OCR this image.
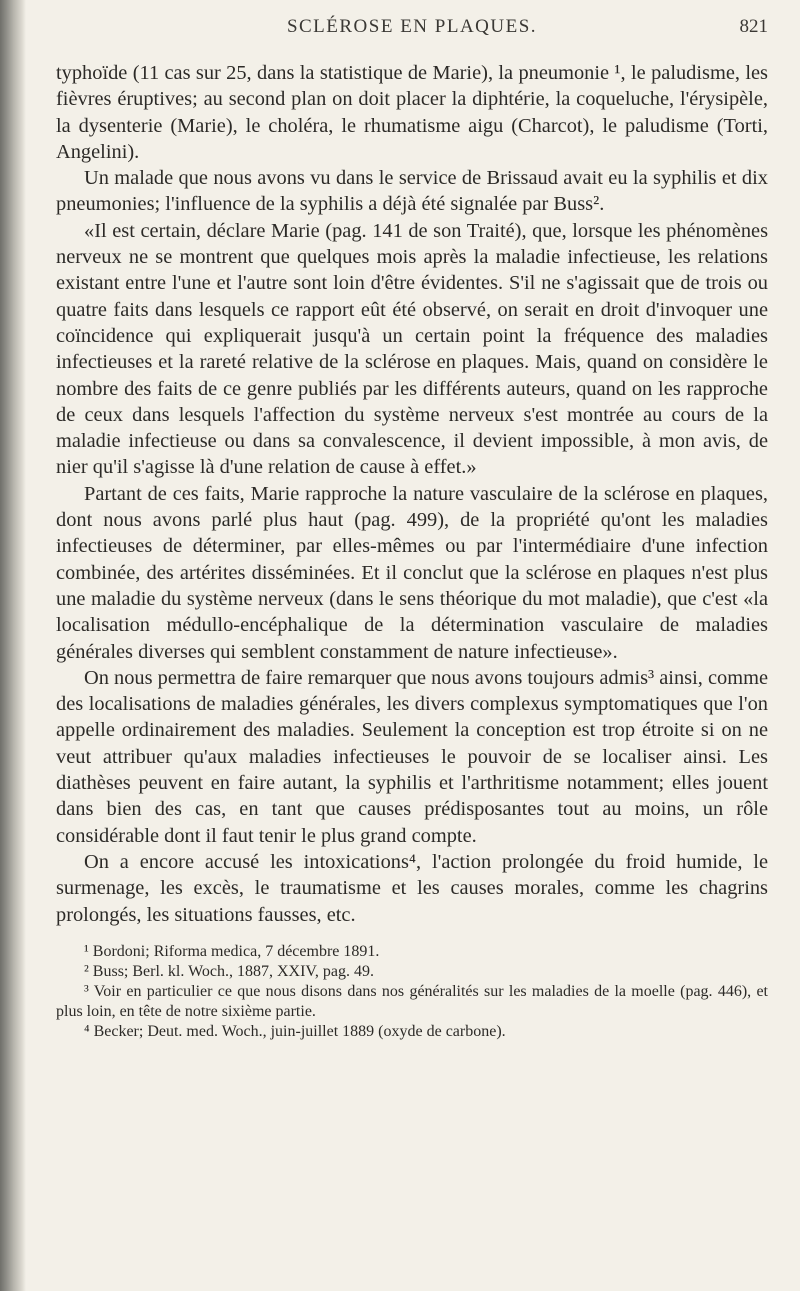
SCLÉROSE EN PLAQUES.	821

typhoïde (11 cas sur 25, dans la statistique de Marie), la pneumonie ¹, le paludisme, les fièvres éruptives; au second plan on doit placer la diphtérie, la coqueluche, l'érysipèle, la dysenterie (Marie), le choléra, le rhumatisme aigu (Charcot), le paludisme (Torti, Angelini).

Un malade que nous avons vu dans le service de Brissaud avait eu la syphilis et dix pneumonies; l'influence de la syphilis a déjà été signalée par Buss².

«Il est certain, déclare Marie (pag. 141 de son Traité), que, lorsque les phénomènes nerveux ne se montrent que quelques mois après la maladie infectieuse, les relations existant entre l'une et l'autre sont loin d'être évidentes. S'il ne s'agissait que de trois ou quatre faits dans lesquels ce rapport eût été observé, on serait en droit d'invoquer une coïncidence qui expliquerait jusqu'à un certain point la fréquence des maladies infectieuses et la rareté relative de la sclérose en plaques. Mais, quand on considère le nombre des faits de ce genre publiés par les différents auteurs, quand on les rapproche de ceux dans lesquels l'affection du système nerveux s'est montrée au cours de la maladie infectieuse ou dans sa convalescence, il devient impossible, à mon avis, de nier qu'il s'agisse là d'une relation de cause à effet.»

Partant de ces faits, Marie rapproche la nature vasculaire de la sclérose en plaques, dont nous avons parlé plus haut (pag. 499), de la propriété qu'ont les maladies infectieuses de déterminer, par elles-mêmes ou par l'intermédiaire d'une infection combinée, des artérites disséminées. Et il conclut que la sclérose en plaques n'est plus une maladie du système nerveux (dans le sens théorique du mot maladie), que c'est «la localisation médullo-encéphalique de la détermination vasculaire de maladies générales diverses qui semblent constamment de nature infectieuse».

On nous permettra de faire remarquer que nous avons toujours admis³ ainsi, comme des localisations de maladies générales, les divers complexus symptomatiques que l'on appelle ordinairement des maladies. Seulement la conception est trop étroite si on ne veut attribuer qu'aux maladies infectieuses le pouvoir de se localiser ainsi. Les diathèses peuvent en faire autant, la syphilis et l'arthritisme notamment; elles jouent dans bien des cas, en tant que causes prédisposantes tout au moins, un rôle considérable dont il faut tenir le plus grand compte.

On a encore accusé les intoxications⁴, l'action prolongée du froid humide, le surmenage, les excès, le traumatisme et les causes morales, comme les chagrins prolongés, les situations fausses, etc.

¹ Bordoni; Riforma medica, 7 décembre 1891.

² Buss; Berl. kl. Woch., 1887, XXIV, pag. 49.

³ Voir en particulier ce que nous disons dans nos généralités sur les maladies de la moelle (pag. 446), et plus loin, en tête de notre sixième partie.

⁴ Becker; Deut. med. Woch., juin-juillet 1889 (oxyde de carbone).
